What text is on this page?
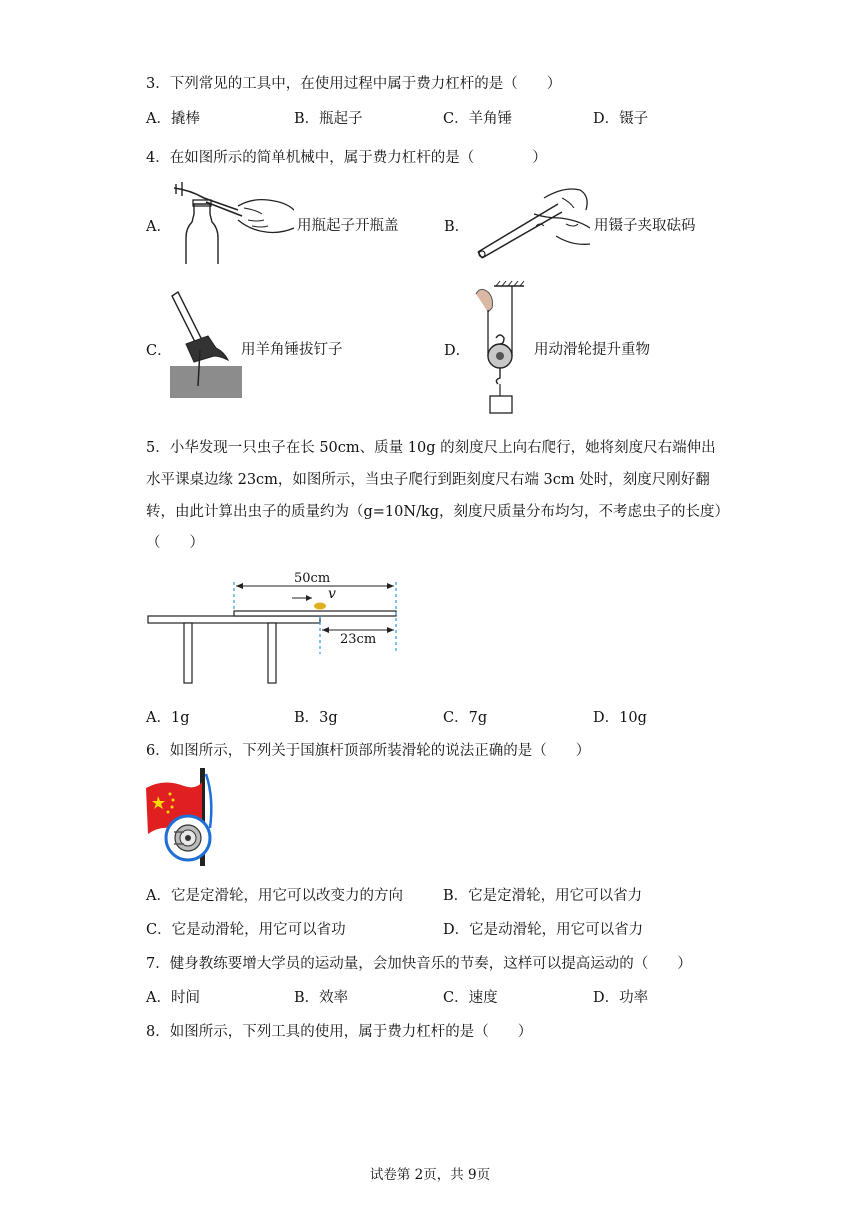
3．下列常见的工具中，在使用过程中属于费力杠杆的是（　　）
A．撬棒	B．瓶起子	C．羊角锤	D．镊子
4．在如图所示的简单机械中，属于费力杠杆的是（　　　　）
A．	用瓶起子开瓶盖	B．	用镊子夹取砝码
C．	用羊角锤拔钉子	D．	用动滑轮提升重物
5．小华发现一只虫子在长 50cm、质量 10g 的刻度尺上向右爬行，她将刻度尺右端伸出
水平课桌边缘 23cm，如图所示，当虫子爬行到距刻度尺右端 3cm 处时，刻度尺刚好翻
转，由此计算出虫子的质量约为（g=10N/kg，刻度尺质量分布均匀，不考虑虫子的长度）
（　　）
50cm
v
23cm
A．1g	B．3g	C．7g	D．10g
6．如图所示，下列关于国旗杆顶部所装滑轮的说法正确的是（　　）
A．它是定滑轮，用它可以改变力的方向	B．它是定滑轮，用它可以省力
C．它是动滑轮，用它可以省功	D．它是动滑轮，用它可以省力
7．健身教练要增大学员的运动量，会加快音乐的节奏，这样可以提高运动的（　　）
A．时间	B．效率	C．速度	D．功率
8．如图所示，下列工具的使用，属于费力杠杆的是（　　）
试卷第 2页，共 9页
